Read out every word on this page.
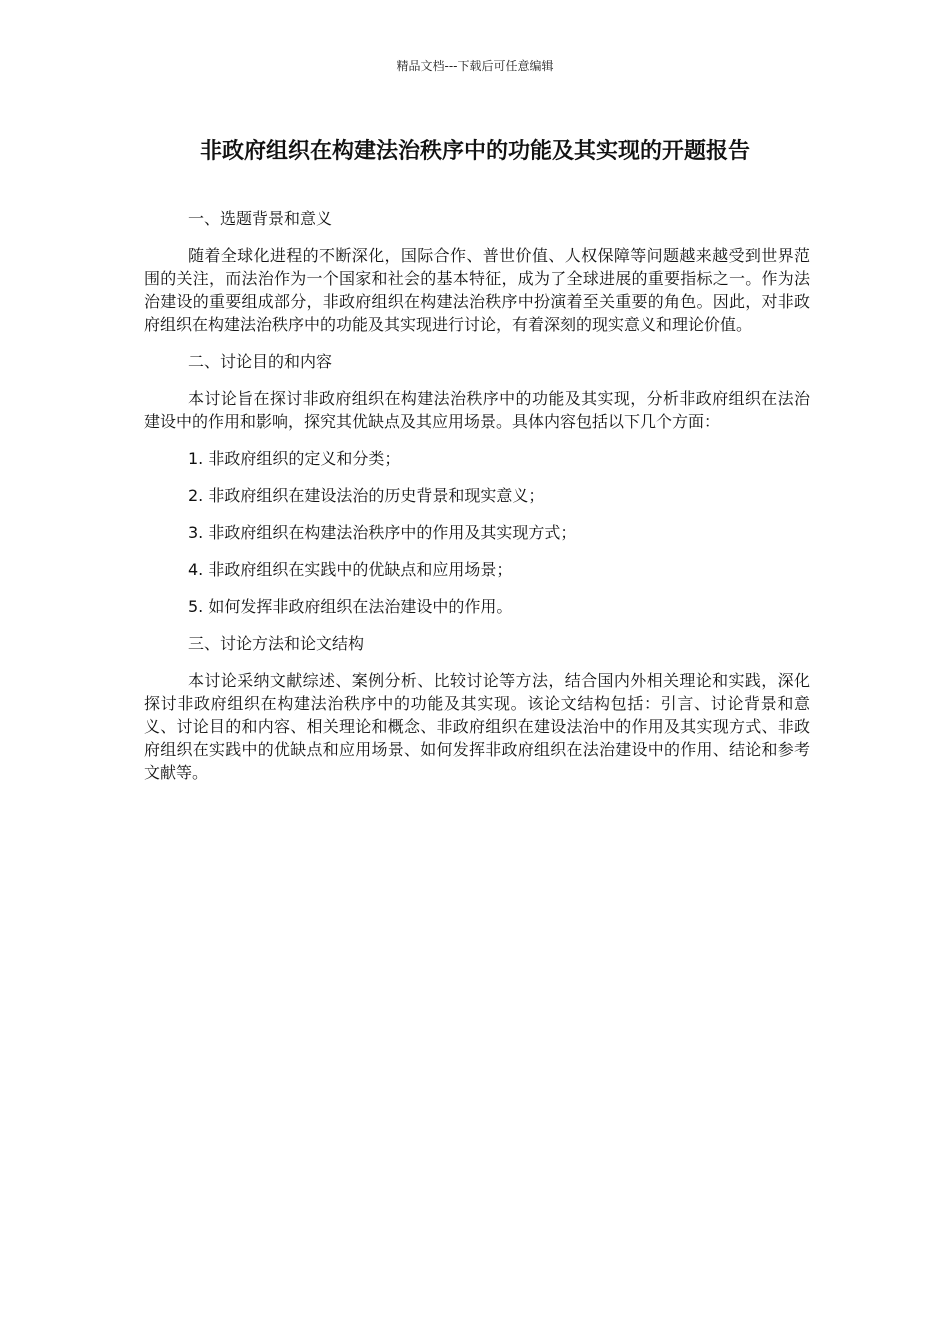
精品文档---下载后可任意编辑
非政府组织在构建法治秩序中的功能及其实现的开题报告

一、选题背景和意义

随着全球化进程的不断深化，国际合作、普世价值、人权保障等问题越来越受到世界范围的关注，而法治作为一个国家和社会的基本特征，成为了全球进展的重要指标之一。作为法治建设的重要组成部分，非政府组织在构建法治秩序中扮演着至关重要的角色。因此，对非政府组织在构建法治秩序中的功能及其实现进行讨论，有着深刻的现实意义和理论价值。

二、讨论目的和内容

本讨论旨在探讨非政府组织在构建法治秩序中的功能及其实现，分析非政府组织在法治建设中的作用和影响，探究其优缺点及其应用场景。具体内容包括以下几个方面：

1. 非政府组织的定义和分类；

2. 非政府组织在建设法治的历史背景和现实意义；

3. 非政府组织在构建法治秩序中的作用及其实现方式；

4. 非政府组织在实践中的优缺点和应用场景；

5. 如何发挥非政府组织在法治建设中的作用。

三、讨论方法和论文结构

本讨论采纳文献综述、案例分析、比较讨论等方法，结合国内外相关理论和实践，深化探讨非政府组织在构建法治秩序中的功能及其实现。该论文结构包括：引言、讨论背景和意义、讨论目的和内容、相关理论和概念、非政府组织在建设法治中的作用及其实现方式、非政府组织在实践中的优缺点和应用场景、如何发挥非政府组织在法治建设中的作用、结论和参考文献等。
